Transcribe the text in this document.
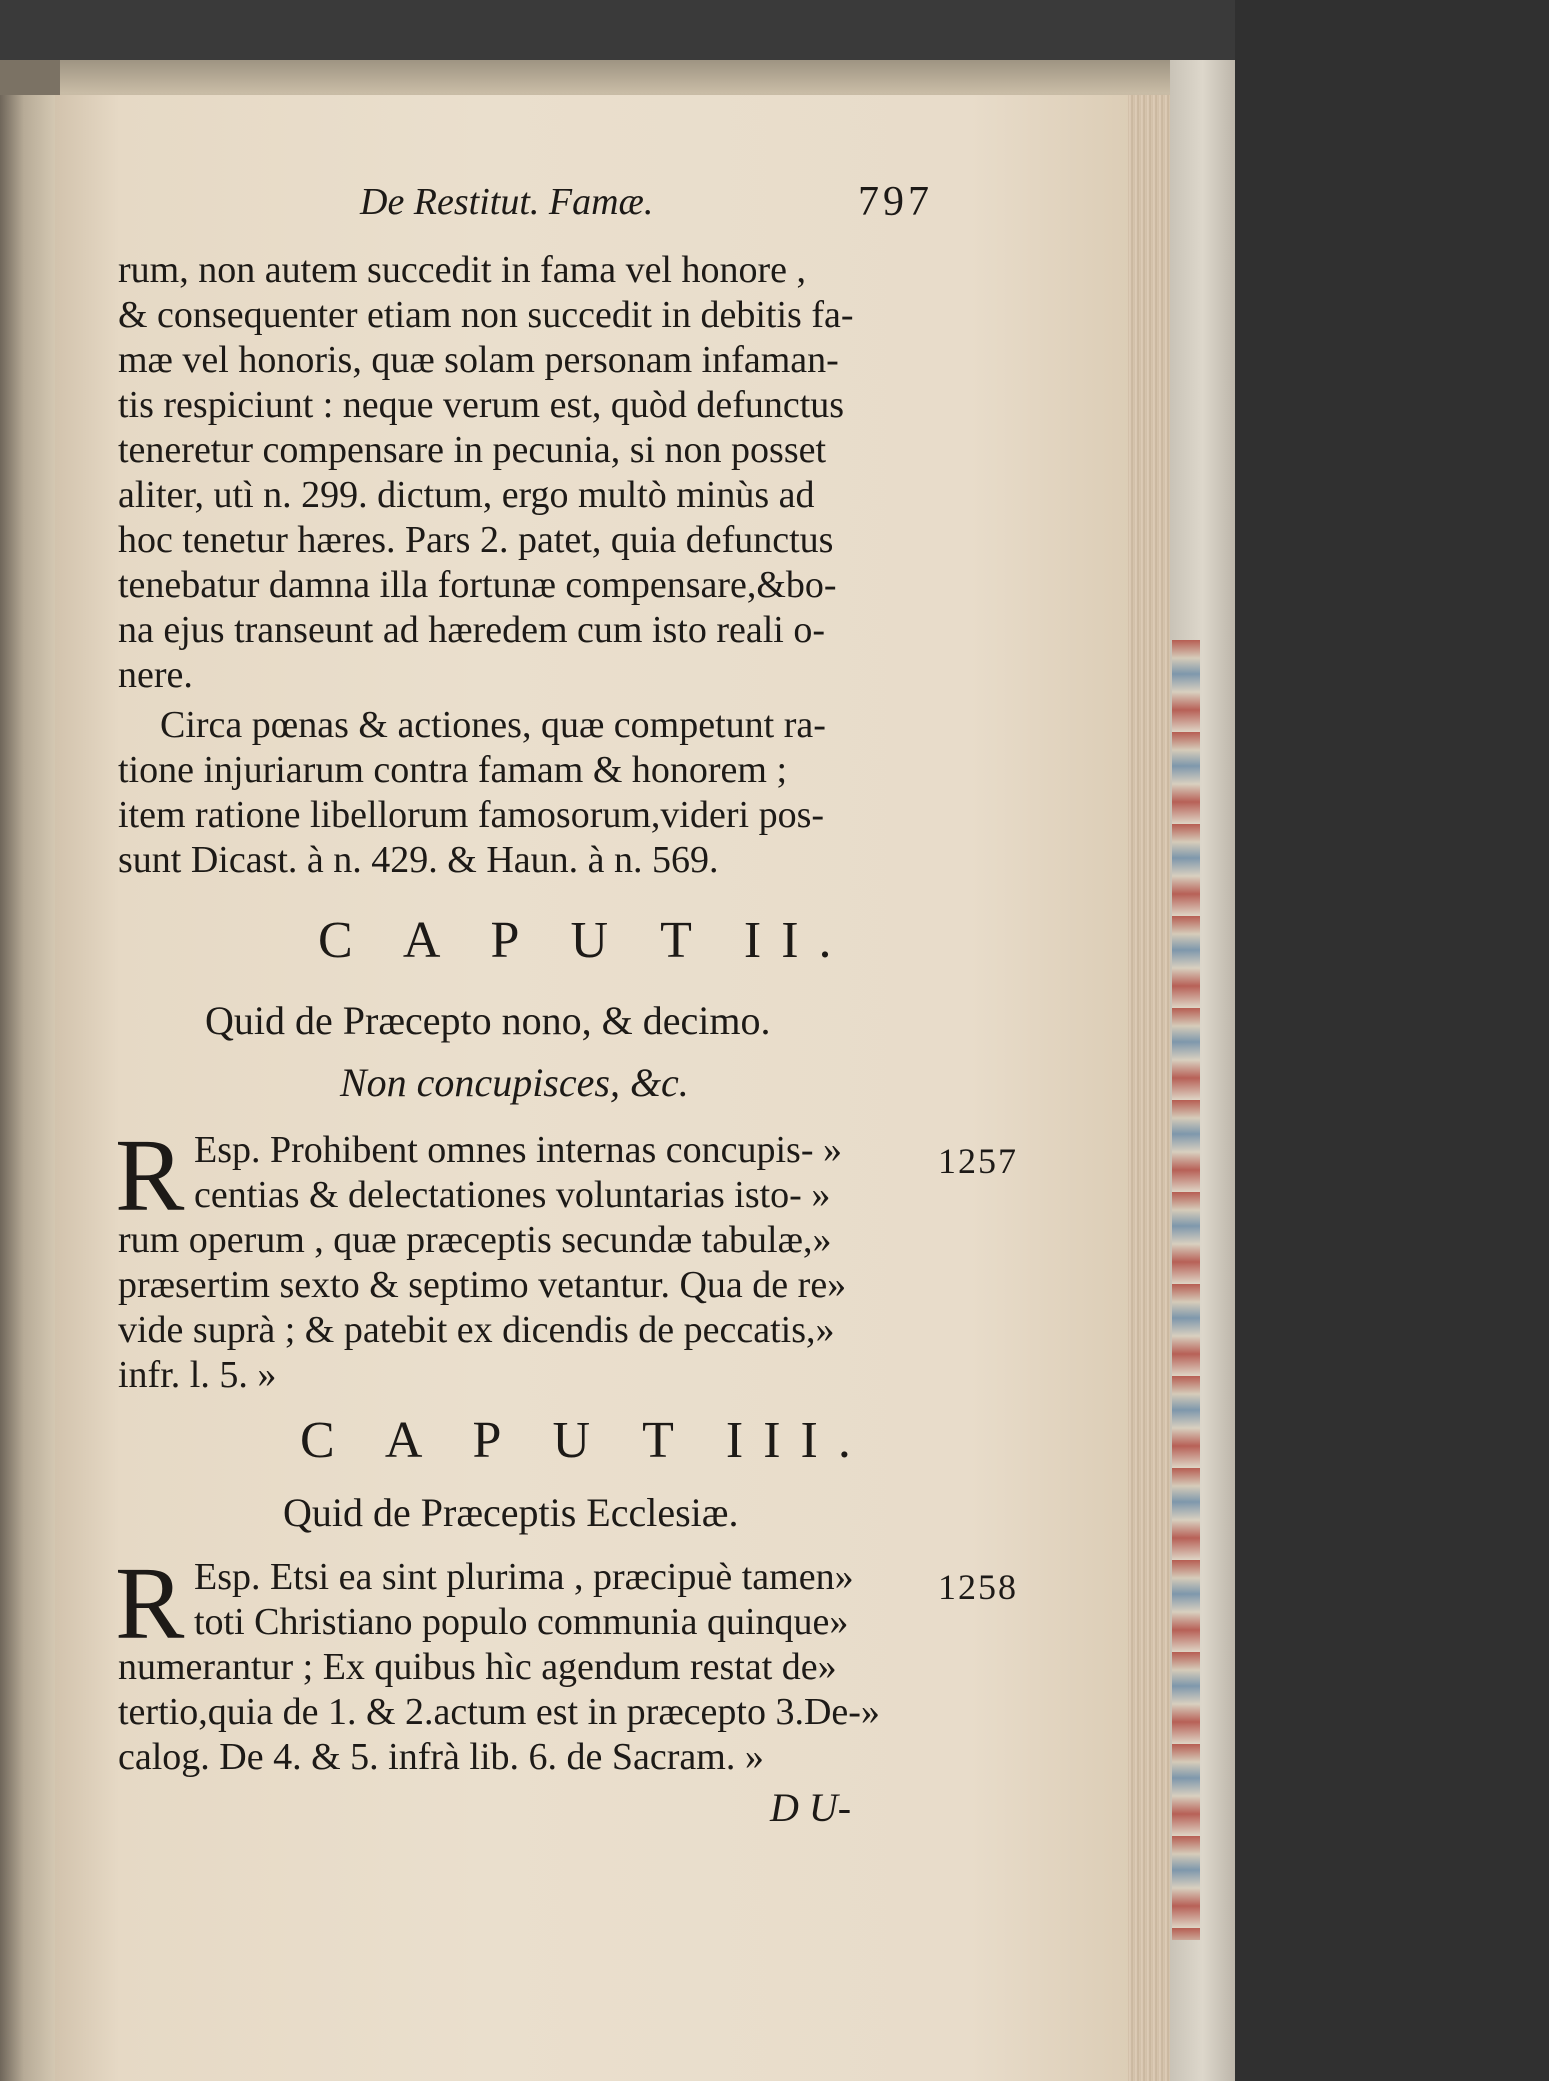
De Restitut. Famæ.	797
rum, non autem succedit in fama vel honore ,
& consequenter etiam non succedit in debitis fa-
mæ vel honoris, quæ solam personam infaman-
tis respiciunt : neque verum est, quòd defunctus
teneretur compensare in pecunia, si non posset
aliter, utì n. 299. dictum, ergo multò minùs ad
hoc tenetur hæres. Pars 2. patet, quia defunctus
tenebatur damna illa fortunæ compensare,&bo-
na ejus transeunt ad hæredem cum isto reali o-
nere.
Circa pœnas & actiones, quæ competunt ra-
tione injuriarum contra famam & honorem ;
item ratione libellorum famosorum,videri pos-
sunt Dicast. à n. 429. & Haun. à n. 569.
C A P U T II.
Quid de Præcepto nono, & decimo.
Non concupisces, &c.
R	1257
Esp. Prohibent omnes internas concupis- »
centias & delectationes voluntarias isto- »
rum operum , quæ præceptis secundæ tabulæ,»
præsertim sexto & septimo vetantur. Qua de re»
vide suprà ; & patebit ex dicendis de peccatis,»
infr. l. 5. »
C A P U T III.
Quid de Præceptis Ecclesiæ.
R	1258
Esp. Etsi ea sint plurima , præcipuè tamen»
toti Christiano populo communia quinque»
numerantur ; Ex quibus hìc agendum restat de»
tertio,quia de 1. & 2.actum est in præcepto 3.De-»
calog. De 4. & 5. infrà lib. 6. de Sacram. »
D U-
